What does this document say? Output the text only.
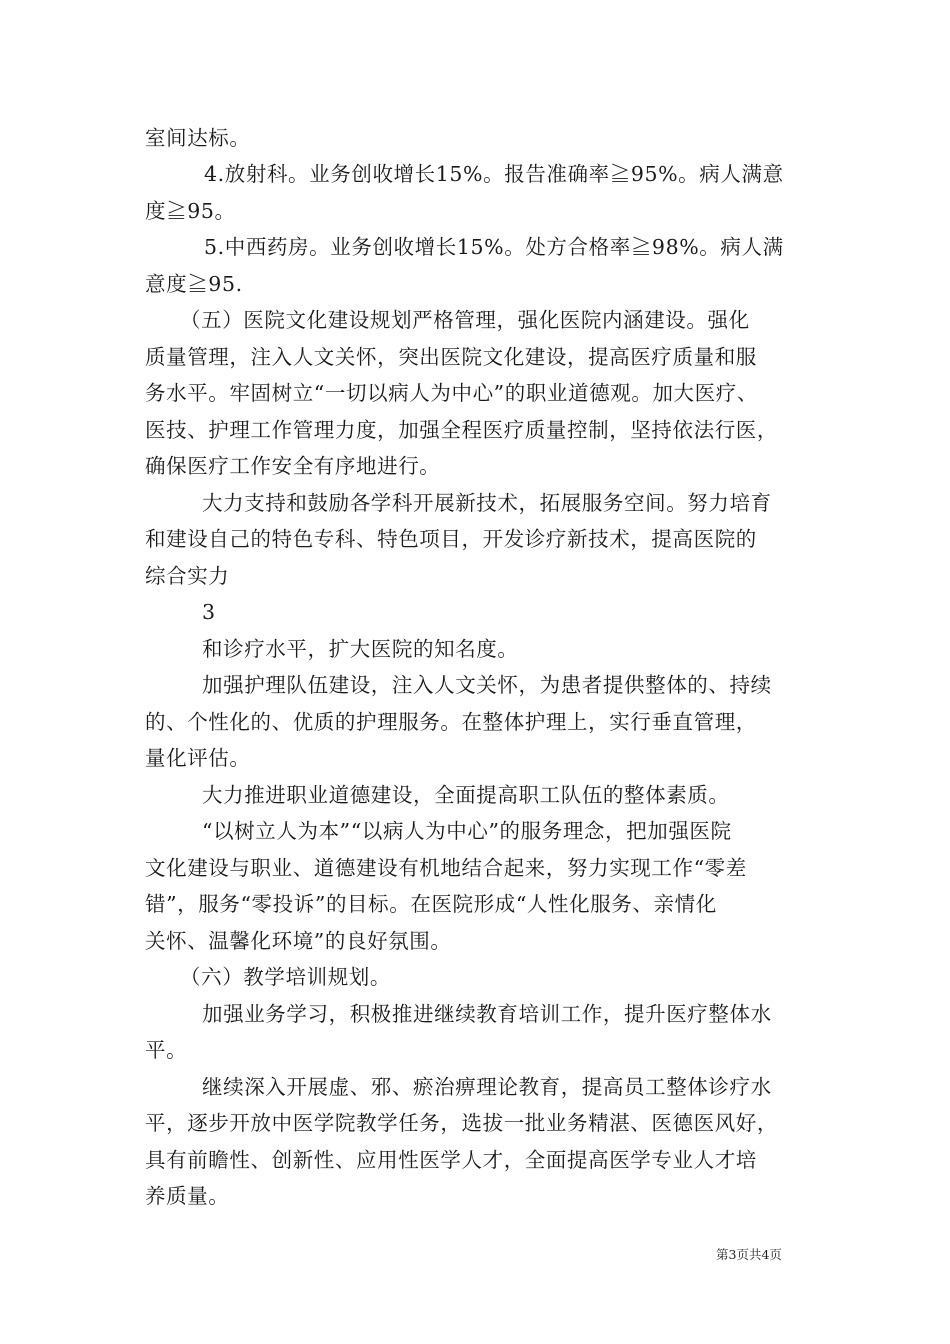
室间达标。
4.放射科。业务创收增长15%。报告准确率≧95%。病人满意
度≧95。
5.中西药房。业务创收增长15%。处方合格率≧98%。病人满
意度≧95.
（五）医院文化建设规划严格管理，强化医院内涵建设。强化
质量管理，注入人文关怀，突出医院文化建设，提高医疗质量和服
务水平。牢固树立“一切以病人为中心”的职业道德观。加大医疗、
医技、护理工作管理力度，加强全程医疗质量控制，坚持依法行医，
确保医疗工作安全有序地进行。
大力支持和鼓励各学科开展新技术，拓展服务空间。努力培育
和建设自己的特色专科、特色项目，开发诊疗新技术，提高医院的
综合实力
3
和诊疗水平，扩大医院的知名度。
加强护理队伍建设，注入人文关怀，为患者提供整体的、持续
的、个性化的、优质的护理服务。在整体护理上，实行垂直管理，
量化评估。
大力推进职业道德建设，全面提高职工队伍的整体素质。
“以树立人为本”“以病人为中心”的服务理念，把加强医院
文化建设与职业、道德建设有机地结合起来，努力实现工作“零差
错”，服务“零投诉”的目标。在医院形成“人性化服务、亲情化
关怀、温馨化环境”的良好氛围。
（六）教学培训规划。
加强业务学习，积极推进继续教育培训工作，提升医疗整体水
平。
继续深入开展虚、邪、瘀治痹理论教育，提高员工整体诊疗水
平，逐步开放中医学院教学任务，选拔一批业务精湛、医德医风好，
具有前瞻性、创新性、应用性医学人才，全面提高医学专业人才培
养质量。
第3页共4页
